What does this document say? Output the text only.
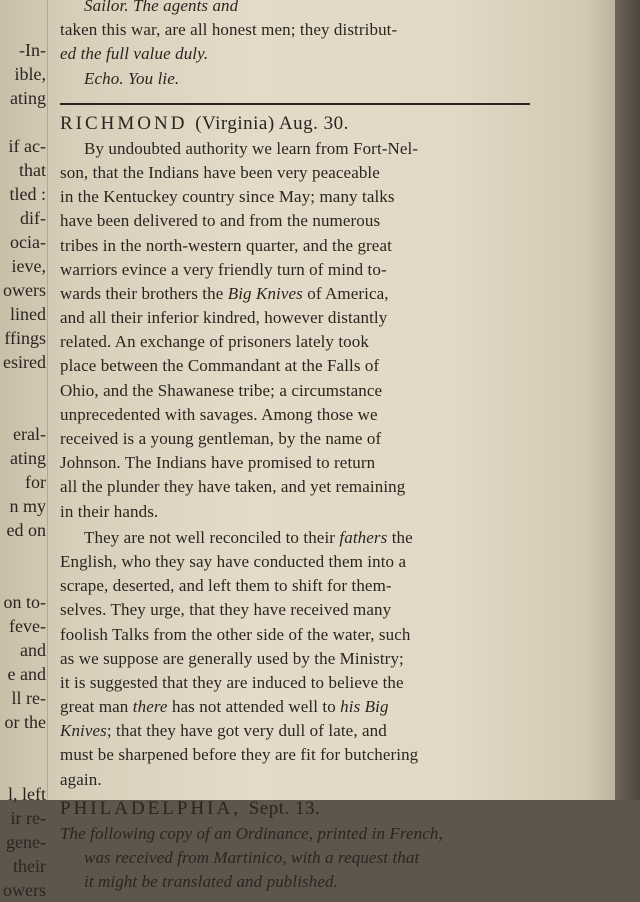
-In-
ible,
ating
if ac-
that
tled :
dif-
ocia-
ieve,
owers
lined
ffings
esired
eral-
ating
for
n my
ed on
on to-
feve-
and
e and
ll re-
or the
l, left
ir re-
gene-
their
owers
Sailor. The agents and
taken this war, are all honest men; they distribut-
ed the full value duly.
Echo. You lie.
RICHMOND (Virginia) Aug. 30.
By undoubted authority we learn from Fort-Nel-
son, that the Indians have been very peaceable
in the Kentuckey country since May; many talks
have been delivered to and from the numerous
tribes in the north-western quarter, and the great
warriors evince a very friendly turn of mind to-
wards their brothers the Big Knives of America,
and all their inferior kindred, however distantly
related. An exchange of prisoners lately took
place between the Commandant at the Falls of
Ohio, and the Shawanese tribe; a circumstance
unprecedented with savages. Among those we
received is a young gentleman, by the name of
Johnson. The Indians have promised to return
all the plunder they have taken, and yet remaining
in their hands.
They are not well reconciled to their fathers the
English, who they say have conducted them into a
scrape, deserted, and left them to shift for them-
selves. They urge, that they have received many
foolish Talks from the other side of the water, such
as we suppose are generally used by the Ministry;
it is suggested that they are induced to believe the
great man there has not attended well to his Big
Knives; that they have got very dull of late, and
must be sharpened before they are fit for butchering
again.
PHILADELPHIA, Sept. 13.
The following copy of an Ordinance, printed in French,
was received from Martinico, with a request that
it might be translated and published.
